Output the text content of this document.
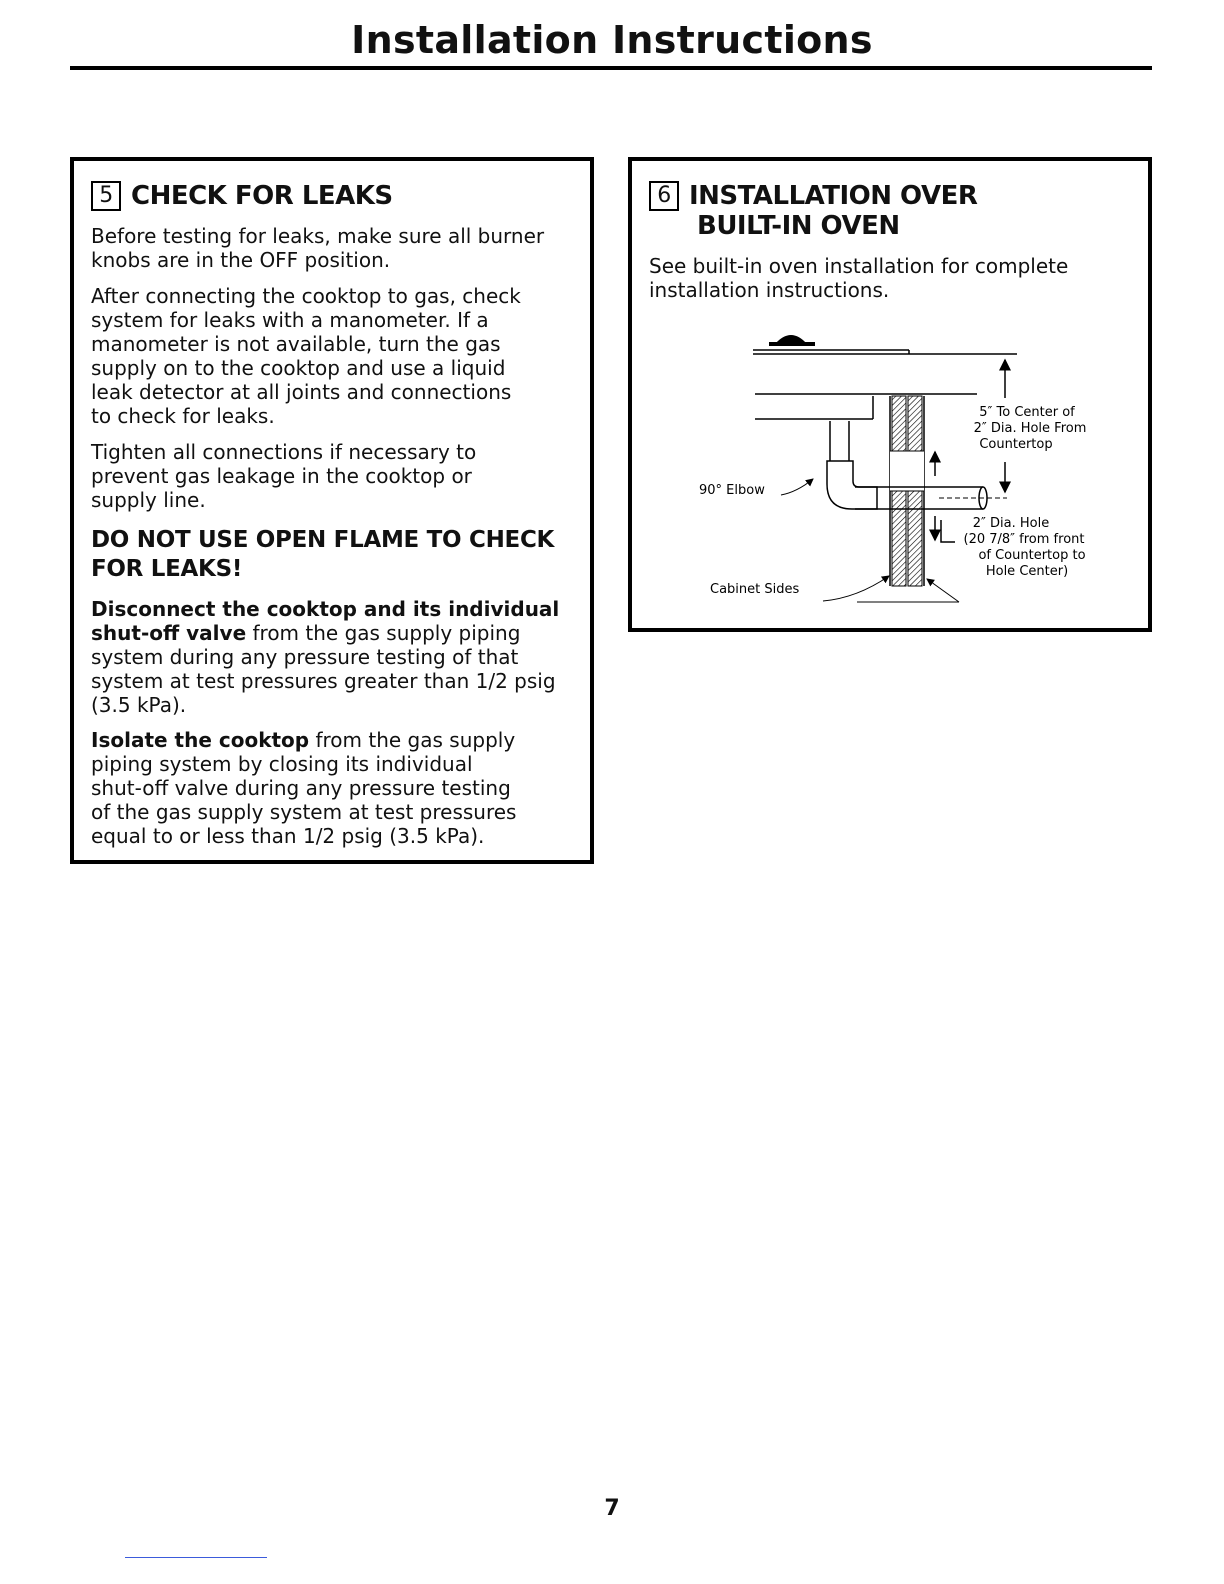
Installation Instructions
5 CHECK FOR LEAKS

Before testing for leaks, make sure all burner
knobs are in the OFF position.

After connecting the cooktop to gas, check
system for leaks with a manometer. If a
manometer is not available, turn the gas
supply on to the cooktop and use a liquid
leak detector at all joints and connections
to check for leaks.

Tighten all connections if necessary to
prevent gas leakage in the cooktop or
supply line.

DO NOT USE OPEN FLAME TO CHECK
FOR LEAKS!

Disconnect the cooktop and its individual
shut-off valve from the gas supply piping
system during any pressure testing of that
system at test pressures greater than 1/2 psig
(3.5 kPa).

Isolate the cooktop from the gas supply
piping system by closing its individual
shut-off valve during any pressure testing
of the gas supply system at test pressures
equal to or less than 1/2 psig (3.5 kPa).

6 INSTALLATION OVER
BUILT-IN OVEN

See built-in oven installation for complete
installation instructions.

5″ To Center of
2″ Dia. Hole From
Countertop
90° Elbow
2″ Dia. Hole
(20 7/8″ from front
of Countertop to
Hole Center)
Cabinet Sides
7
